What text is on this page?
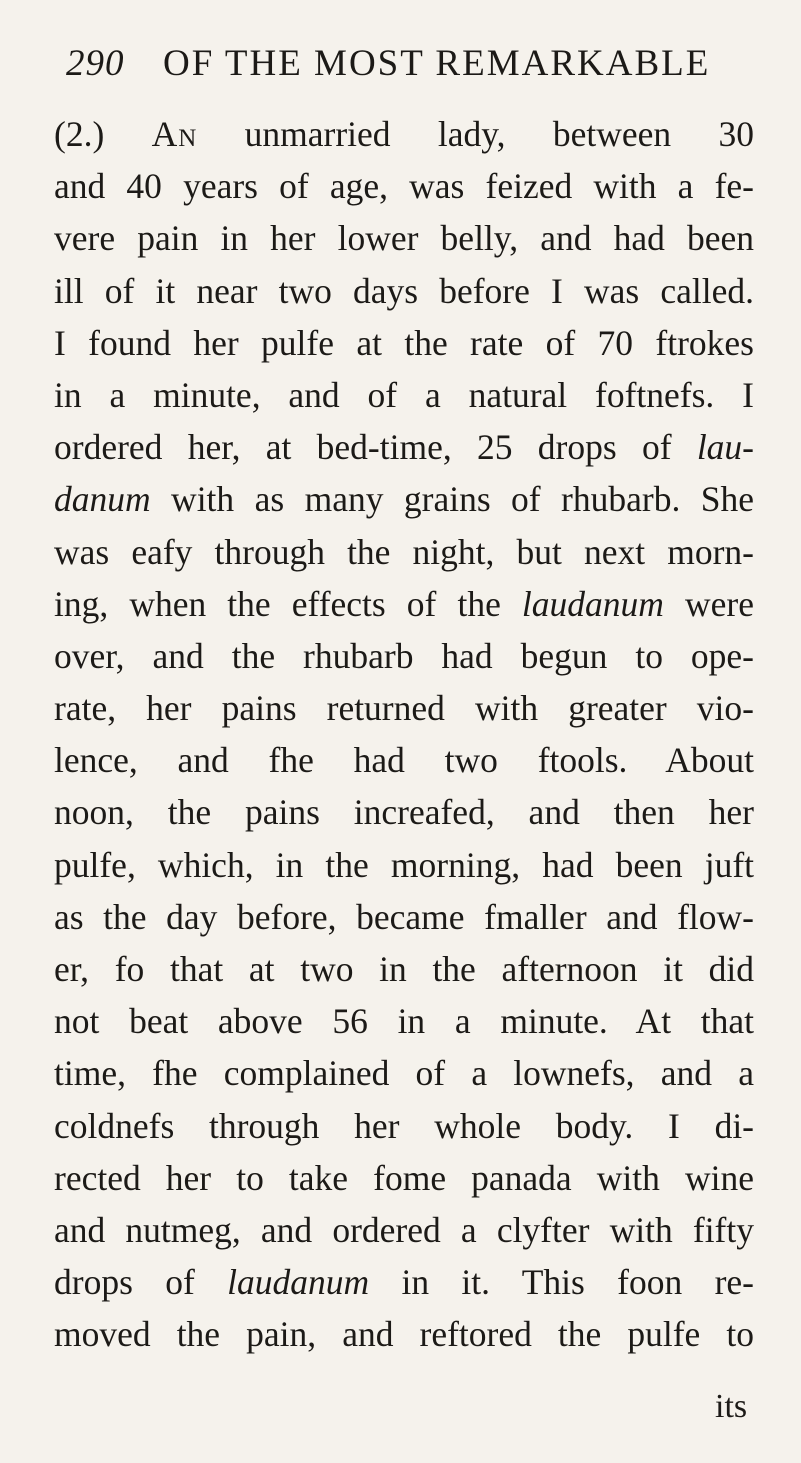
290 OF THE MOST REMARKABLE
(2.) An unmarried lady, between 30
and 40 years of age, was feized with a fe-
vere pain in her lower belly, and had been
ill of it near two days before I was called.
I found her pulfe at the rate of 70 ftrokes
in a minute, and of a natural foftnefs. I
ordered her, at bed-time, 25 drops of lau-
danum with as many grains of rhubarb. She
was eafy through the night, but next morn-
ing, when the effects of the laudanum were
over, and the rhubarb had begun to ope-
rate, her pains returned with greater vio-
lence, and fhe had two ftools. About
noon, the pains increafed, and then her
pulfe, which, in the morning, had been juft
as the day before, became fmaller and flow-
er, fo that at two in the afternoon it did
not beat above 56 in a minute. At that
time, fhe complained of a lownefs, and a
coldnefs through her whole body. I di-
rected her to take fome panada with wine
and nutmeg, and ordered a clyfter with fifty
drops of laudanum in it. This foon re-
moved the pain, and reftored the pulfe to
its
